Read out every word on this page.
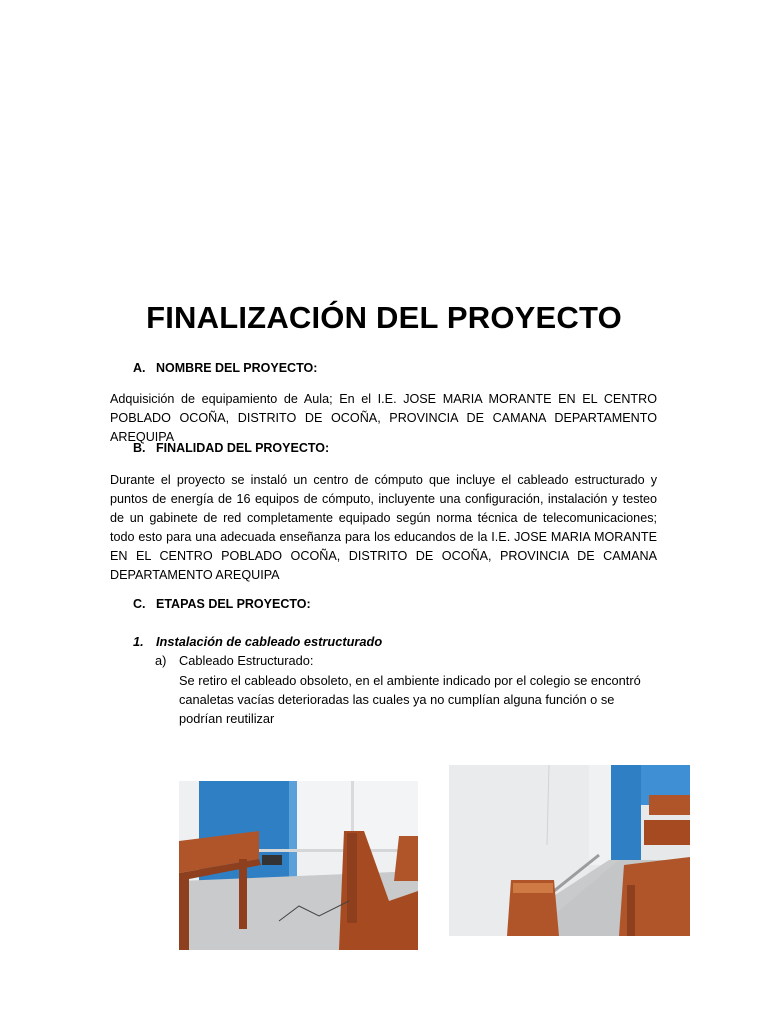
FINALIZACIÓN DEL PROYECTO
A. NOMBRE DEL PROYECTO:

Adquisición de equipamiento de Aula; En el I.E. JOSE MARIA MORANTE EN EL CENTRO POBLADO OCOÑA, DISTRITO DE OCOÑA, PROVINCIA DE CAMANA DEPARTAMENTO AREQUIPA

B. FINALIDAD DEL PROYECTO:

Durante el proyecto se instaló un centro de cómputo que incluye el cableado estructurado y puntos de energía de 16 equipos de cómputo, incluyente una configuración, instalación y testeo de un gabinete de red completamente equipado según norma técnica de telecomunicaciones; todo esto para una adecuada enseñanza para los educandos de la I.E. JOSE MARIA MORANTE EN EL CENTRO POBLADO OCOÑA, DISTRITO DE OCOÑA, PROVINCIA DE CAMANA DEPARTAMENTO AREQUIPA

C. ETAPAS DEL PROYECTO:
1. Instalación de cableado estructurado
a) Cableado Estructurado:

Se retiro el cableado obsoleto, en el ambiente indicado por el colegio se encontró canaletas vacías deterioradas las cuales ya no cumplían alguna función o se podrían reutilizar
